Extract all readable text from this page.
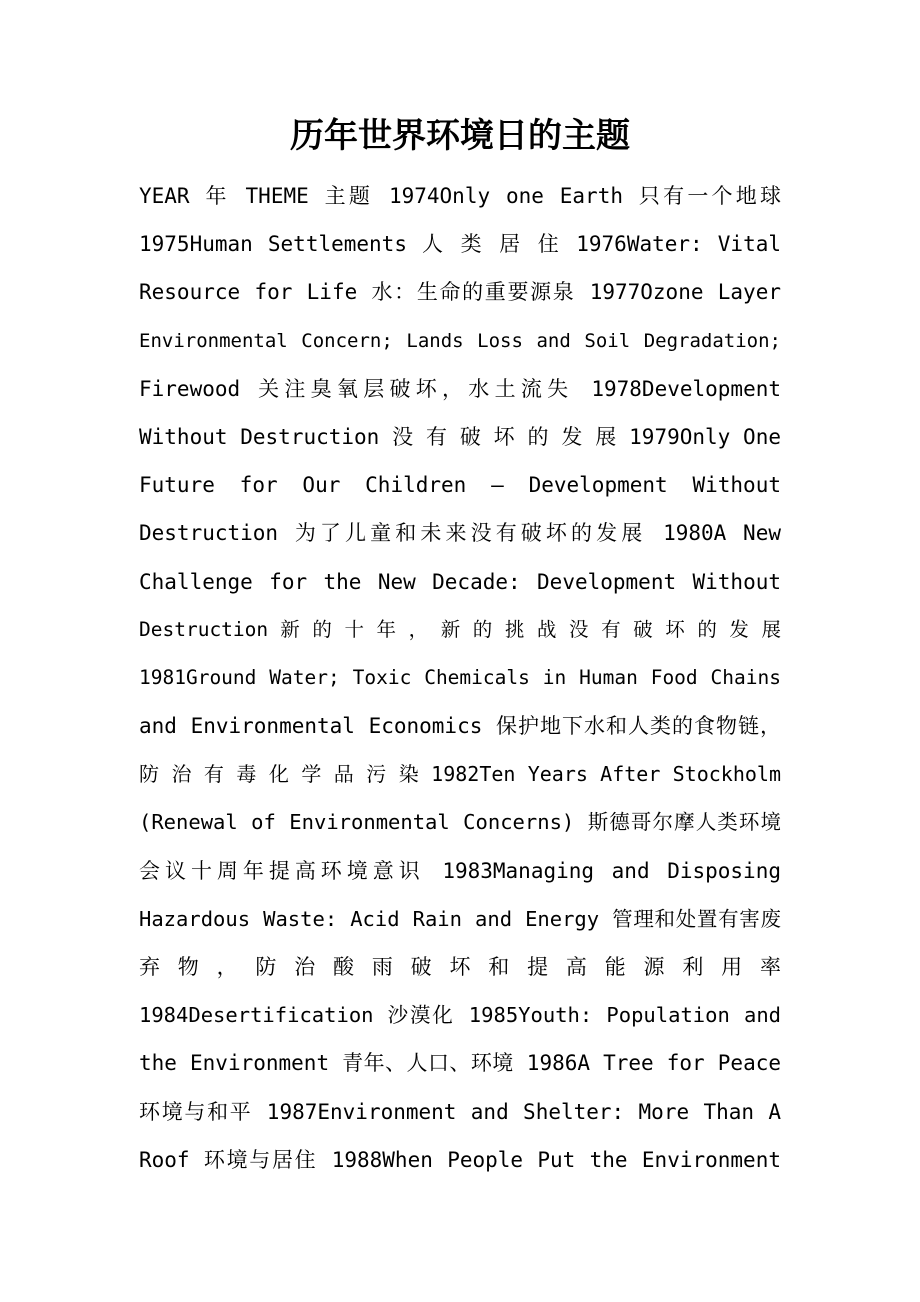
历年世界环境日的主题
YEAR 年 THEME 主题 1974Only one Earth 只有一个地球
1975Human Settlements 人 类 居 住 1976Water: Vital
Resource for Life 水：生命的重要源泉 1977Ozone Layer
Environmental Concern; Lands Loss and Soil Degradation;
Firewood 关注臭氧层破坏，水土流失 1978Development
Without Destruction 没 有 破 坏 的 发 展 1979Only One
Future for Our Children – Development Without
Destruction 为了儿童和未来没有破坏的发展 1980A New
Challenge for the New Decade: Development Without
Destruction 新 的 十 年 ， 新 的 挑 战 没 有 破 坏 的 发 展
1981Ground Water; Toxic Chemicals in Human Food Chains
and Environmental Economics 保护地下水和人类的食物链，
防 治 有 毒 化 学 品 污 染 1982Ten Years After Stockholm
(Renewal of Environmental Concerns) 斯德哥尔摩人类环境
会议十周年提高环境意识 1983Managing and Disposing
Hazardous Waste: Acid Rain and Energy 管理和处置有害废
弃 物 ， 防 治 酸 雨 破 坏 和 提 高 能 源 利 用 率
1984Desertification 沙漠化 1985Youth: Population and
the Environment 青年、人口、环境 1986A Tree for Peace
环境与和平 1987Environment and Shelter: More Than A
Roof 环境与居住 1988When People Put the Environment
